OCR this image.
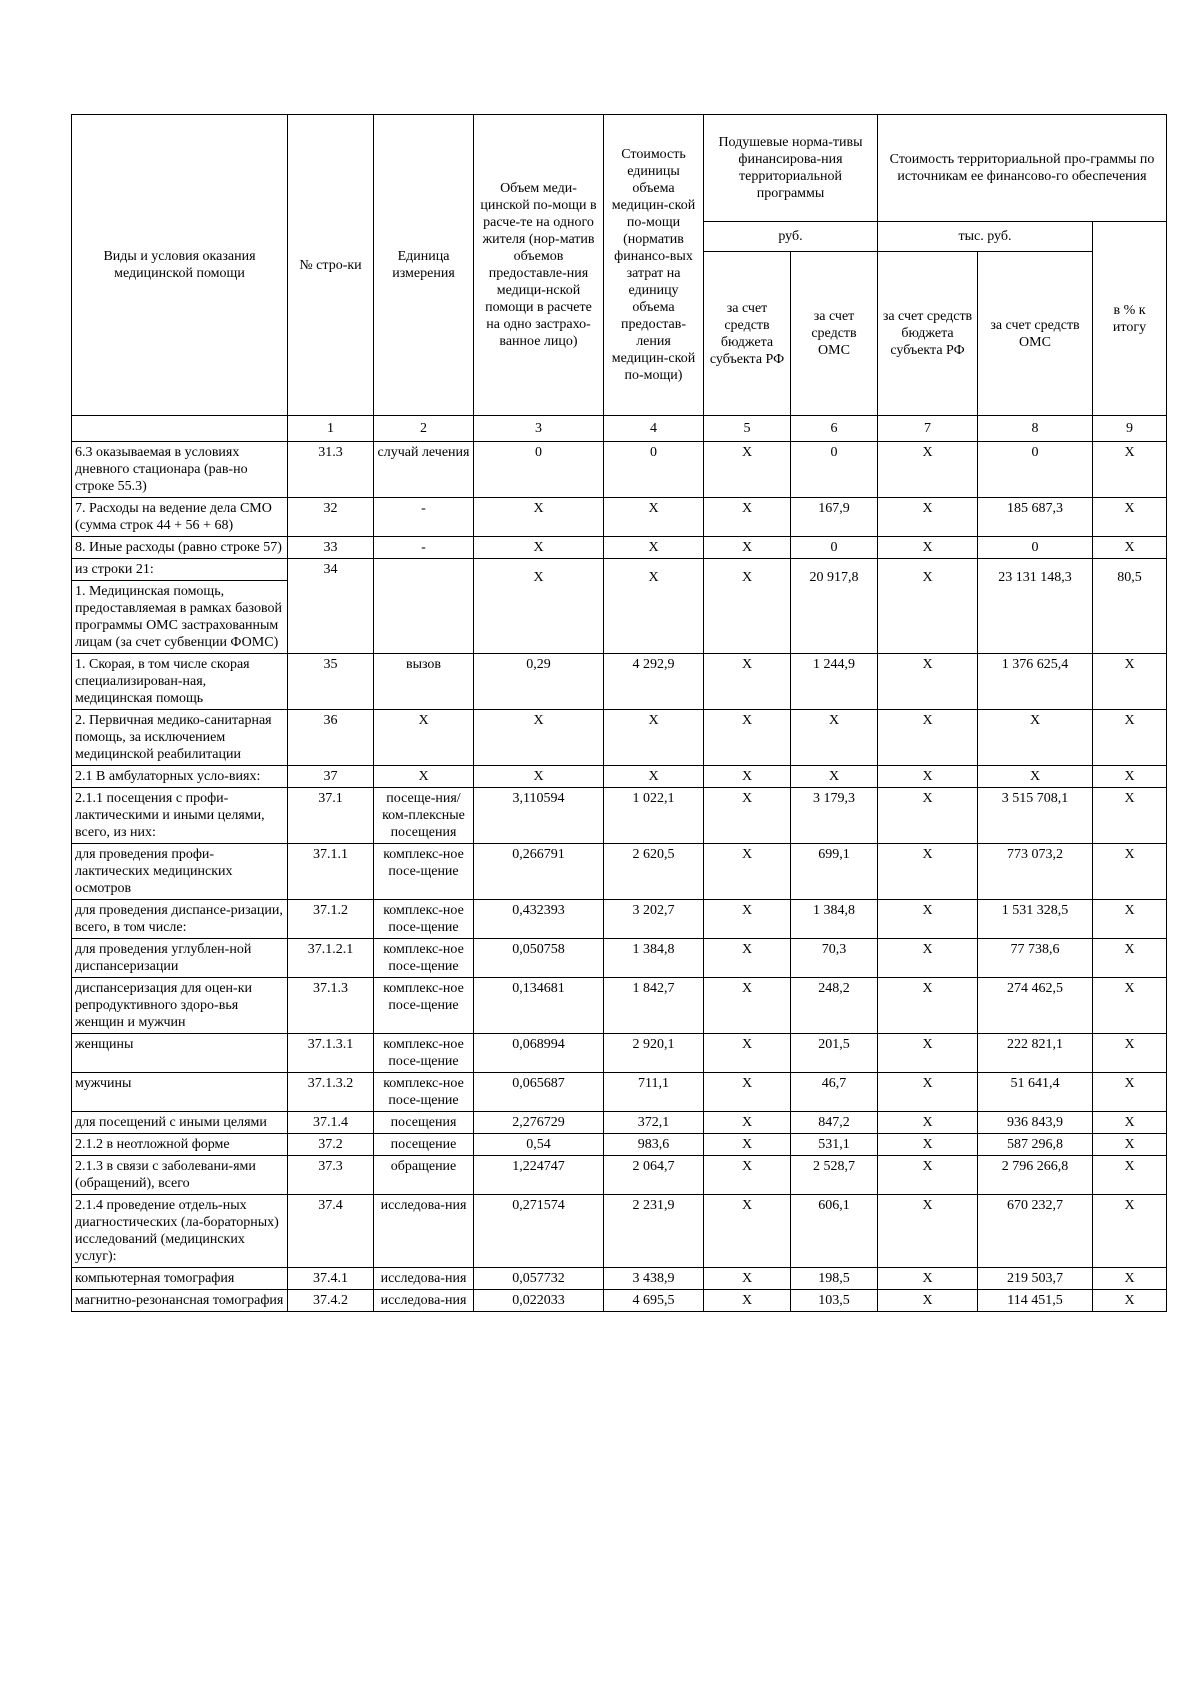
Виды и условия оказания медицинской помощи	№ стро-ки	Единица измерения	Объем меди-цинской по-мощи в расче-те на одного жителя (нор-матив объемов предоставле-ния медици-нской помощи в расчете на одно застрахо-ванное лицо)	Стоимость единицы объема медицин-ской по-мощи (норматив финансо-вых затрат на единицу объема предостав-ления медицин-ской по-мощи)	Подушевые норма-тивы финансирова-ния территориальной программы		Стоимость территориальной про-граммы по источникам ее финансово-го обеспечения		
					руб.		тыс. руб.		в % к итогу
					за счет средств бюджета субъекта РФ	за счет средств ОМС	за счет средств бюджета субъекта РФ	за счет средств ОМС	
	1	2	3	4	5	6	7	8	9
6.3 оказываемая в условиях дневного стационара (рав-но строке 55.3)	31.3	случай лечения	0	0	X	0	X	0	X
7. Расходы на ведение дела СМО (сумма строк 44 + 56 + 68)	32	-	X	X	X	167,9	X	185 687,3	X
8. Иные расходы (равно строке 57)	33	-	X	X	X	0	X	0	X
из строки 21:	34		X	X	X	20 917,8	X	23 131 148,3	80,5
1. Медицинская помощь, предоставляемая в рамках базовой программы ОМС застрахованным лицам (за счет субвенции ФОМС)									
1. Скорая, в том числе скорая специализирован-ная, медицинская помощь	35	вызов	0,29	4 292,9	X	1 244,9	X	1 376 625,4	X
2. Первичная медико-санитарная помощь, за исключением медицинской реабилитации	36	X	X	X	X	X	X	X	X
2.1 В амбулаторных усло-виях:	37	X	X	X	X	X	X	X	X
2.1.1 посещения с профи-лактическими и иными целями, всего, из них:	37.1	посеще-ния/ ком-плексные посещения	3,110594	1 022,1	X	3 179,3	X	3 515 708,1	X
для проведения профи-лактических медицинских осмотров	37.1.1	комплекс-ное посе-щение	0,266791	2 620,5	X	699,1	X	773 073,2	X
для проведения диспансе-ризации, всего, в том числе:	37.1.2	комплекс-ное посе-щение	0,432393	3 202,7	X	1 384,8	X	1 531 328,5	X
для проведения углублен-ной диспансеризации	37.1.2.1	комплекс-ное посе-щение	0,050758	1 384,8	X	70,3	X	77 738,6	X
диспансеризация для оцен-ки репродуктивного здоро-вья женщин и мужчин	37.1.3	комплекс-ное посе-щение	0,134681	1 842,7	X	248,2	X	274 462,5	X
женщины	37.1.3.1	комплекс-ное посе-щение	0,068994	2 920,1	X	201,5	X	222 821,1	X
мужчины	37.1.3.2	комплекс-ное посе-щение	0,065687	711,1	X	46,7	X	51 641,4	X
для посещений с иными целями	37.1.4	посещения	2,276729	372,1	X	847,2	X	936 843,9	X
2.1.2 в неотложной форме	37.2	посещение	0,54	983,6	X	531,1	X	587 296,8	X
2.1.3 в связи с заболевани-ями (обращений), всего	37.3	обращение	1,224747	2 064,7	X	2 528,7	X	2 796 266,8	X
2.1.4 проведение отдель-ных диагностических (ла-бораторных) исследований (медицинских услуг):	37.4	исследова-ния	0,271574	2 231,9	X	606,1	X	670 232,7	X
компьютерная томография	37.4.1	исследова-ния	0,057732	3 438,9	X	198,5	X	219 503,7	X
магнитно-резонансная томография	37.4.2	исследова-ния	0,022033	4 695,5	X	103,5	X	114 451,5	X
